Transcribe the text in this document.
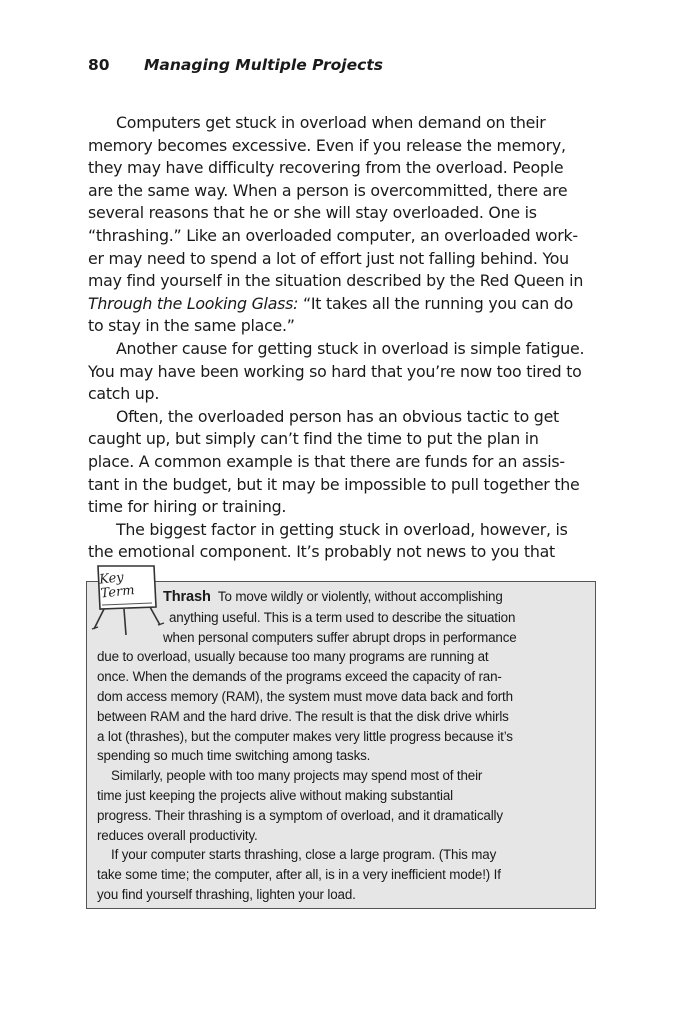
80 Managing Multiple Projects
Computers get stuck in overload when demand on their
memory becomes excessive. Even if you release the memory,
they may have difficulty recovering from the overload. People
are the same way. When a person is overcommitted, there are
several reasons that he or she will stay overloaded. One is
“thrashing.” Like an overloaded computer, an overloaded work-
er may need to spend a lot of effort just not falling behind. You
may find yourself in the situation described by the Red Queen in
Through the Looking Glass: “It takes all the running you can do
to stay in the same place.”
Another cause for getting stuck in overload is simple fatigue.
You may have been working so hard that you’re now too tired to
catch up.
Often, the overloaded person has an obvious tactic to get
caught up, but simply can’t find the time to put the plan in
place. A common example is that there are funds for an assis-
tant in the budget, but it may be impossible to pull together the
time for hiring or training.
The biggest factor in getting stuck in overload, however, is
the emotional component. It’s probably not news to you that
Thrash To move wildly or violently, without accomplishing
anything useful. This is a term used to describe the situation
when personal computers suffer abrupt drops in performance
due to overload, usually because too many programs are running at
once. When the demands of the programs exceed the capacity of ran-
dom access memory (RAM), the system must move data back and forth
between RAM and the hard drive. The result is that the disk drive whirls
a lot (thrashes), but the computer makes very little progress because it’s
spending so much time switching among tasks.
Similarly, people with too many projects may spend most of their
time just keeping the projects alive without making substantial
progress. Their thrashing is a symptom of overload, and it dramatically
reduces overall productivity.
If your computer starts thrashing, close a large program. (This may
take some time; the computer, after all, is in a very inefficient mode!) If
you find yourself thrashing, lighten your load.
Key
Term
